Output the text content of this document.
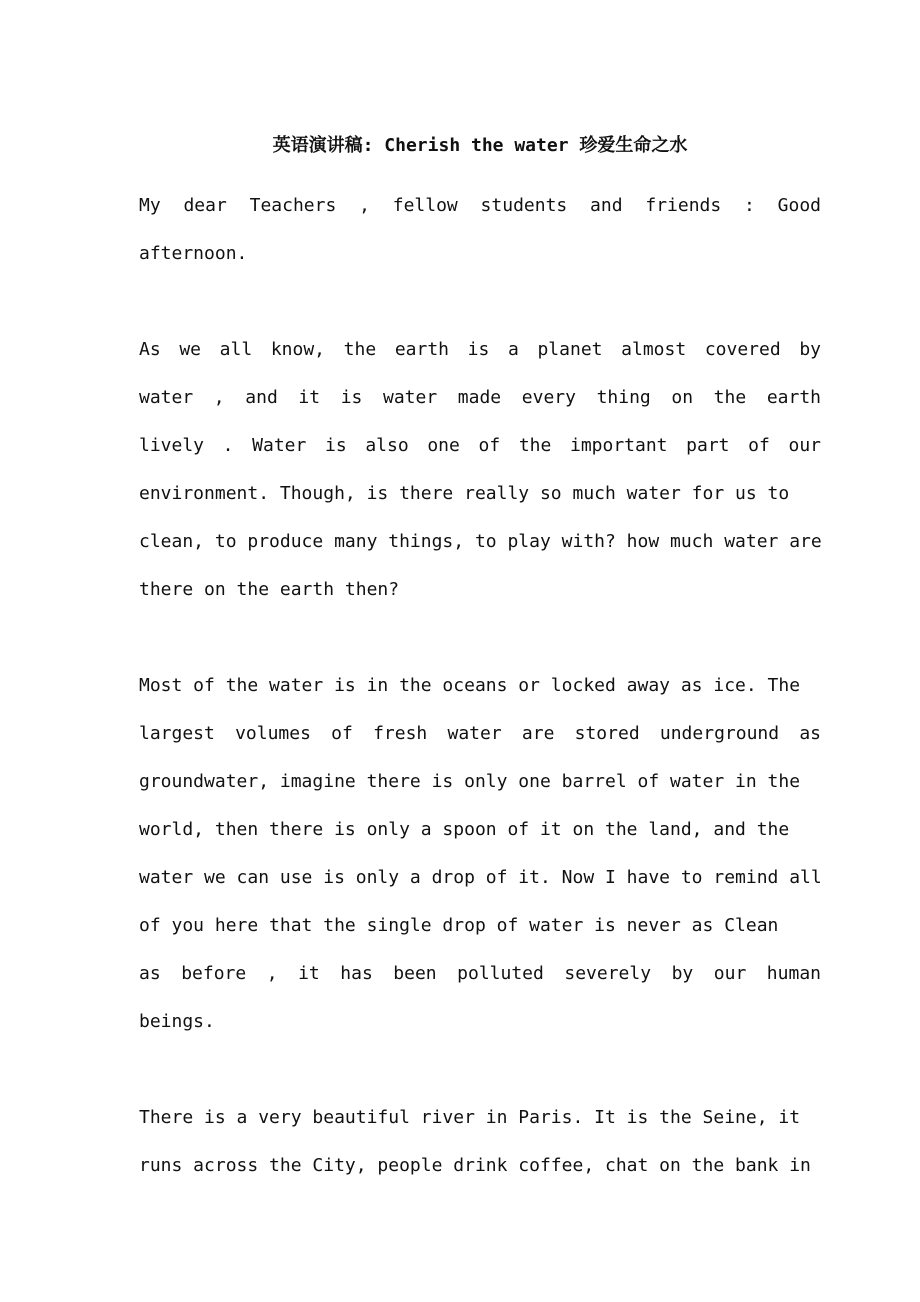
英语演讲稿: Cherish the water 珍爱生命之水
My dear Teachers , fellow students and friends : Good
afternoon.
As we all know, the earth is a planet almost covered by
water , and it is water made every thing on the earth
lively . Water is also one of the important part of our
environment. Though, is there really so much water for us to
clean, to produce many things, to play with? how much water are
there on the earth then?
Most of the water is in the oceans or locked away as ice. The
largest volumes of fresh water are stored underground as
groundwater, imagine there is only one barrel of water in the
world, then there is only a spoon of it on the land, and the
water we can use is only a drop of it. Now I have to remind all
of you here that the single drop of water is never as Clean
as before , it has been polluted severely by our human
beings.
There is a very beautiful river in Paris. It is the Seine, it
runs across the City, people drink coffee, chat on the bank in
